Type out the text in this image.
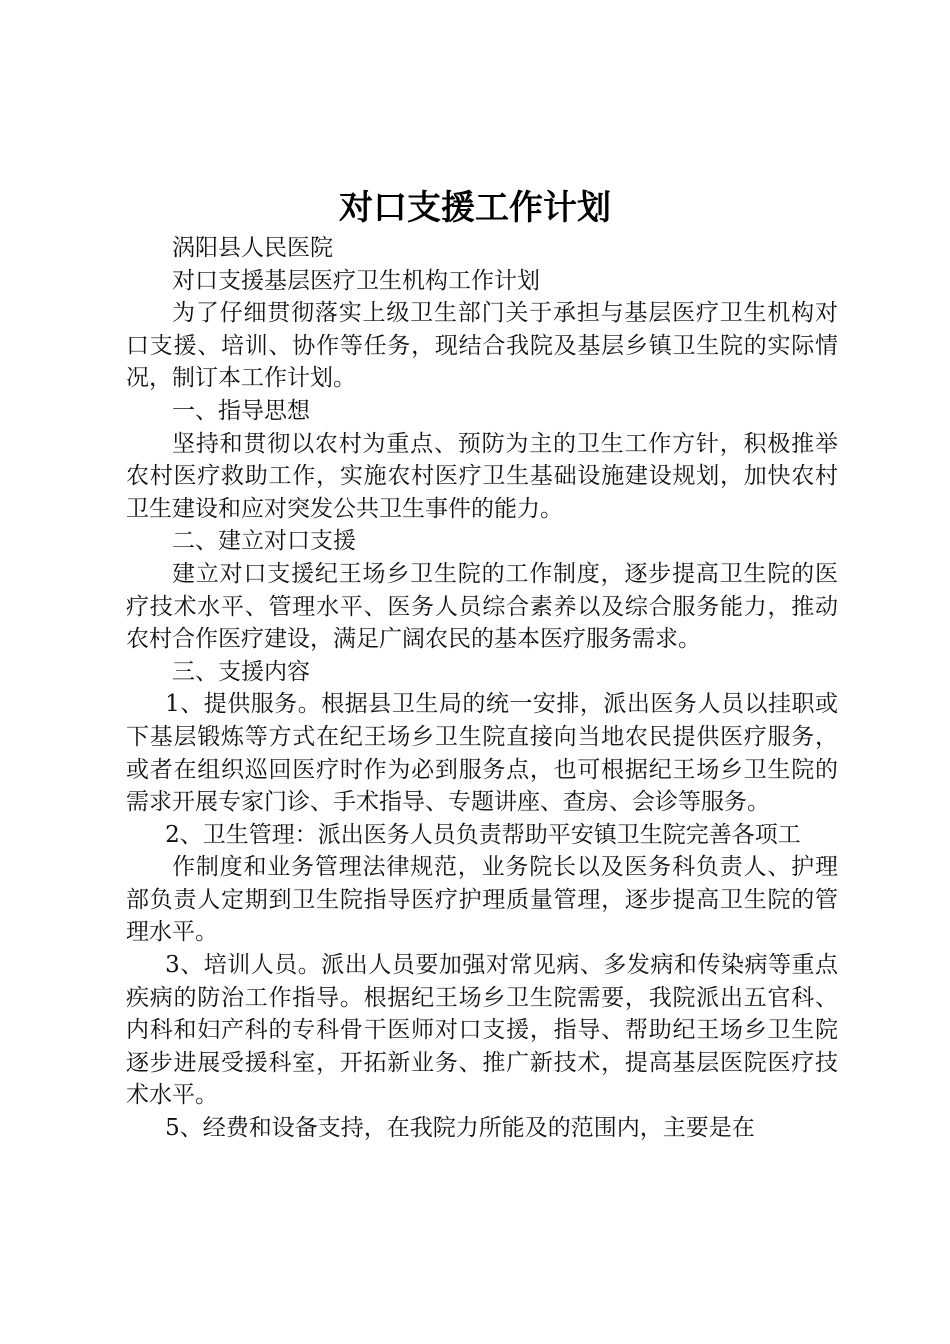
对口支援工作计划

涡阳县人民医院

对口支援基层医疗卫生机构工作计划

为了仔细贯彻落实上级卫生部门关于承担与基层医疗卫生机构对口支援、培训、协作等任务，现结合我院及基层乡镇卫生院的实际情况，制订本工作计划。

一、指导思想

坚持和贯彻以农村为重点、预防为主的卫生工作方针，积极推举农村医疗救助工作，实施农村医疗卫生基础设施建设规划，加快农村卫生建设和应对突发公共卫生事件的能力。

二、建立对口支援

建立对口支援纪王场乡卫生院的工作制度，逐步提高卫生院的医疗技术水平、管理水平、医务人员综合素养以及综合服务能力，推动农村合作医疗建设，满足广阔农民的基本医疗服务需求。

三、支援内容

1、提供服务。根据县卫生局的统一安排，派出医务人员以挂职或下基层锻炼等方式在纪王场乡卫生院直接向当地农民提供医疗服务，或者在组织巡回医疗时作为必到服务点，也可根据纪王场乡卫生院的需求开展专家门诊、手术指导、专题讲座、查房、会诊等服务。

2、卫生管理：派出医务人员负责帮助平安镇卫生院完善各项工

作制度和业务管理法律规范，业务院长以及医务科负责人、护理部负责人定期到卫生院指导医疗护理质量管理，逐步提高卫生院的管理水平。

3、培训人员。派出人员要加强对常见病、多发病和传染病等重点疾病的防治工作指导。根据纪王场乡卫生院需要，我院派出五官科、内科和妇产科的专科骨干医师对口支援，指导、帮助纪王场乡卫生院逐步进展受援科室，开拓新业务、推广新技术，提高基层医院医疗技术水平。

5、经费和设备支持，在我院力所能及的范围内，主要是在
